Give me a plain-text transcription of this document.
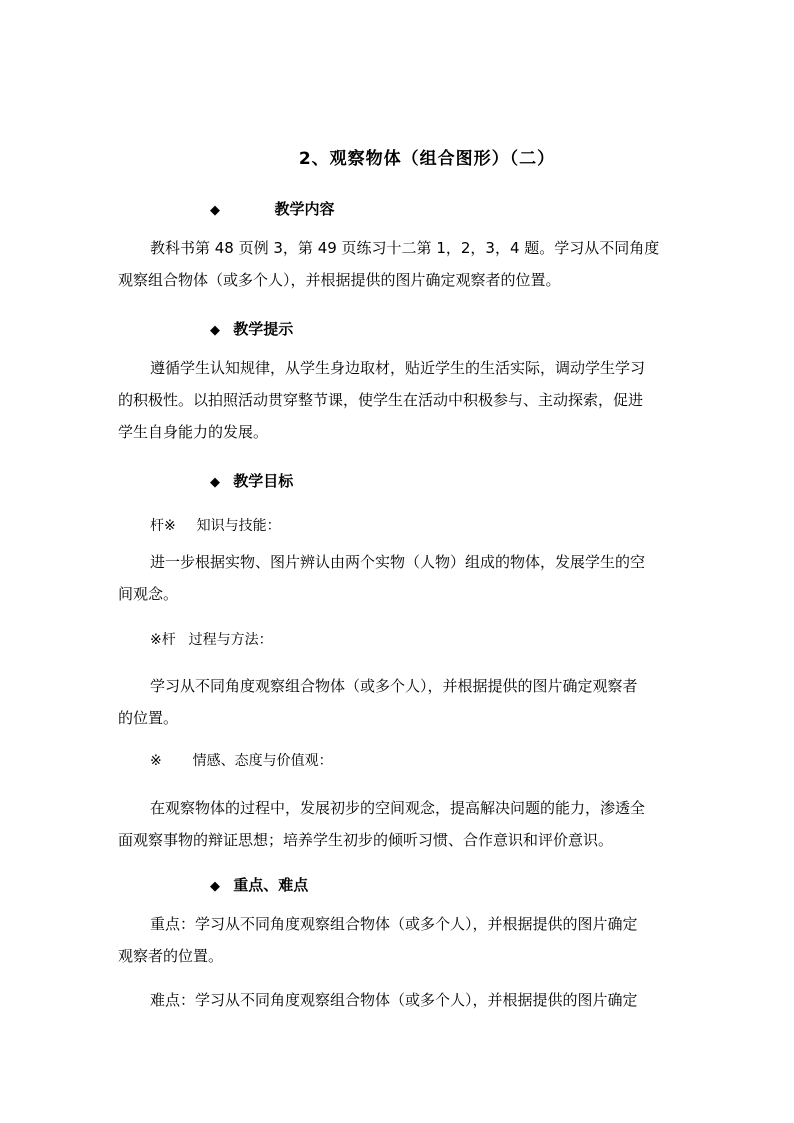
2、观察物体（组合图形）（二）
◆	教学内容
教科书第 48 页例 3，第 49 页练习十二第 1，2，3，4 题。学习从不同角度
观察组合物体（或多个人），并根据提供的图片确定观察者的位置。
◆ 教学提示
遵循学生认知规律，从学生身边取材，贴近学生的生活实际，调动学生学习
的积极性。以拍照活动贯穿整节课，使学生在活动中积极参与、主动探索，促进
学生自身能力的发展。
◆ 教学目标
杆※ 知识与技能：
进一步根据实物、图片辨认由两个实物（人物）组成的物体，发展学生的空
间观念。
※杆 过程与方法：
学习从不同角度观察组合物体（或多个人），并根据提供的图片确定观察者
的位置。
※ 情感、态度与价值观：
在观察物体的过程中，发展初步的空间观念，提高解决问题的能力，渗透全
面观察事物的辩证思想；培养学生初步的倾听习惯、合作意识和评价意识。
◆ 重点、难点
重点：学习从不同角度观察组合物体（或多个人），并根据提供的图片确定
观察者的位置。
难点：学习从不同角度观察组合物体（或多个人），并根据提供的图片确定
